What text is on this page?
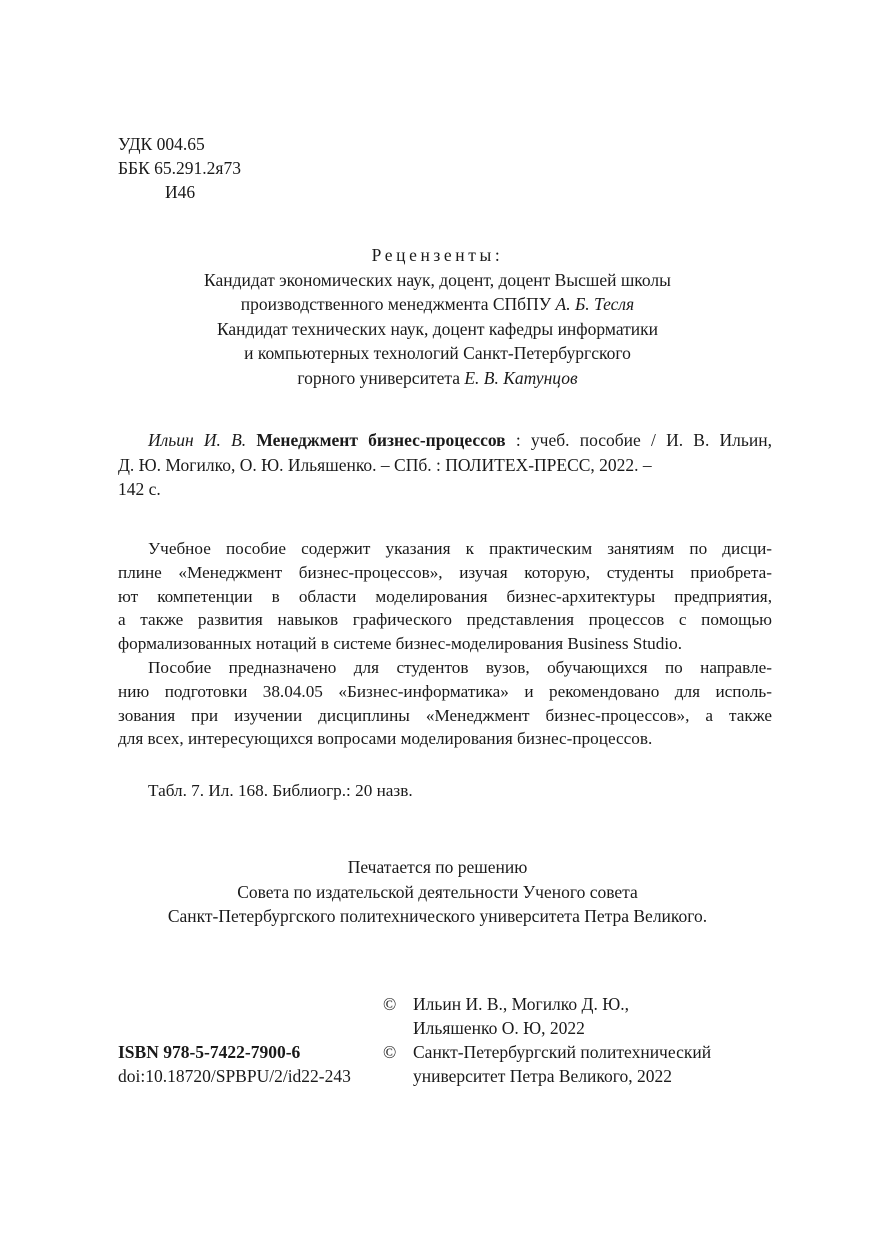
УДК 004.65
ББК 65.291.2я73
И46
Рецензенты:
Кандидат экономических наук, доцент, доцент Высшей школы
производственного менеджмента СПбПУ А. Б. Тесля
Кандидат технических наук, доцент кафедры информатики
и компьютерных технологий Санкт-Петербургского
горного университета Е. В. Катунцов

Ильин И. В. Менеджмент бизнес-процессов : учеб. пособие / И. В. Ильин,

Д. Ю. Могилко, О. Ю. Ильяшенко. – СПб. : ПОЛИТЕХ-ПРЕСС, 2022. –

142 с.

Учебное пособие содержит указания к практическим занятиям по дисци-

плине «Менеджмент бизнес-процессов», изучая которую, студенты приобрета-

ют компетенции в области моделирования бизнес-архитектуры предприятия,

а также развития навыков графического представления процессов с помощью

формализованных нотаций в системе бизнес-моделирования Business Studio.

Пособие предназначено для студентов вузов, обучающихся по направле-

нию подготовки 38.04.05 «Бизнес-информатика» и рекомендовано для исполь-

зования при изучении дисциплины «Менеджмент бизнес-процессов», а также

для всех, интересующихся вопросами моделирования бизнес-процессов.

Табл. 7. Ил. 168. Библиогр.: 20 назв.
Печатается по решению
Совета по издательской деятельности Ученого совета
Санкт-Петербургского политехнического университета Петра Великого.
© Ильин И. В., Могилко Д. Ю.,
Ильяшенко О. Ю, 2022
© Санкт-Петербургский политехнический
университет Петра Великого, 2022
ISBN 978-5-7422-7900-6
doi:10.18720/SPBPU/2/id22-243
